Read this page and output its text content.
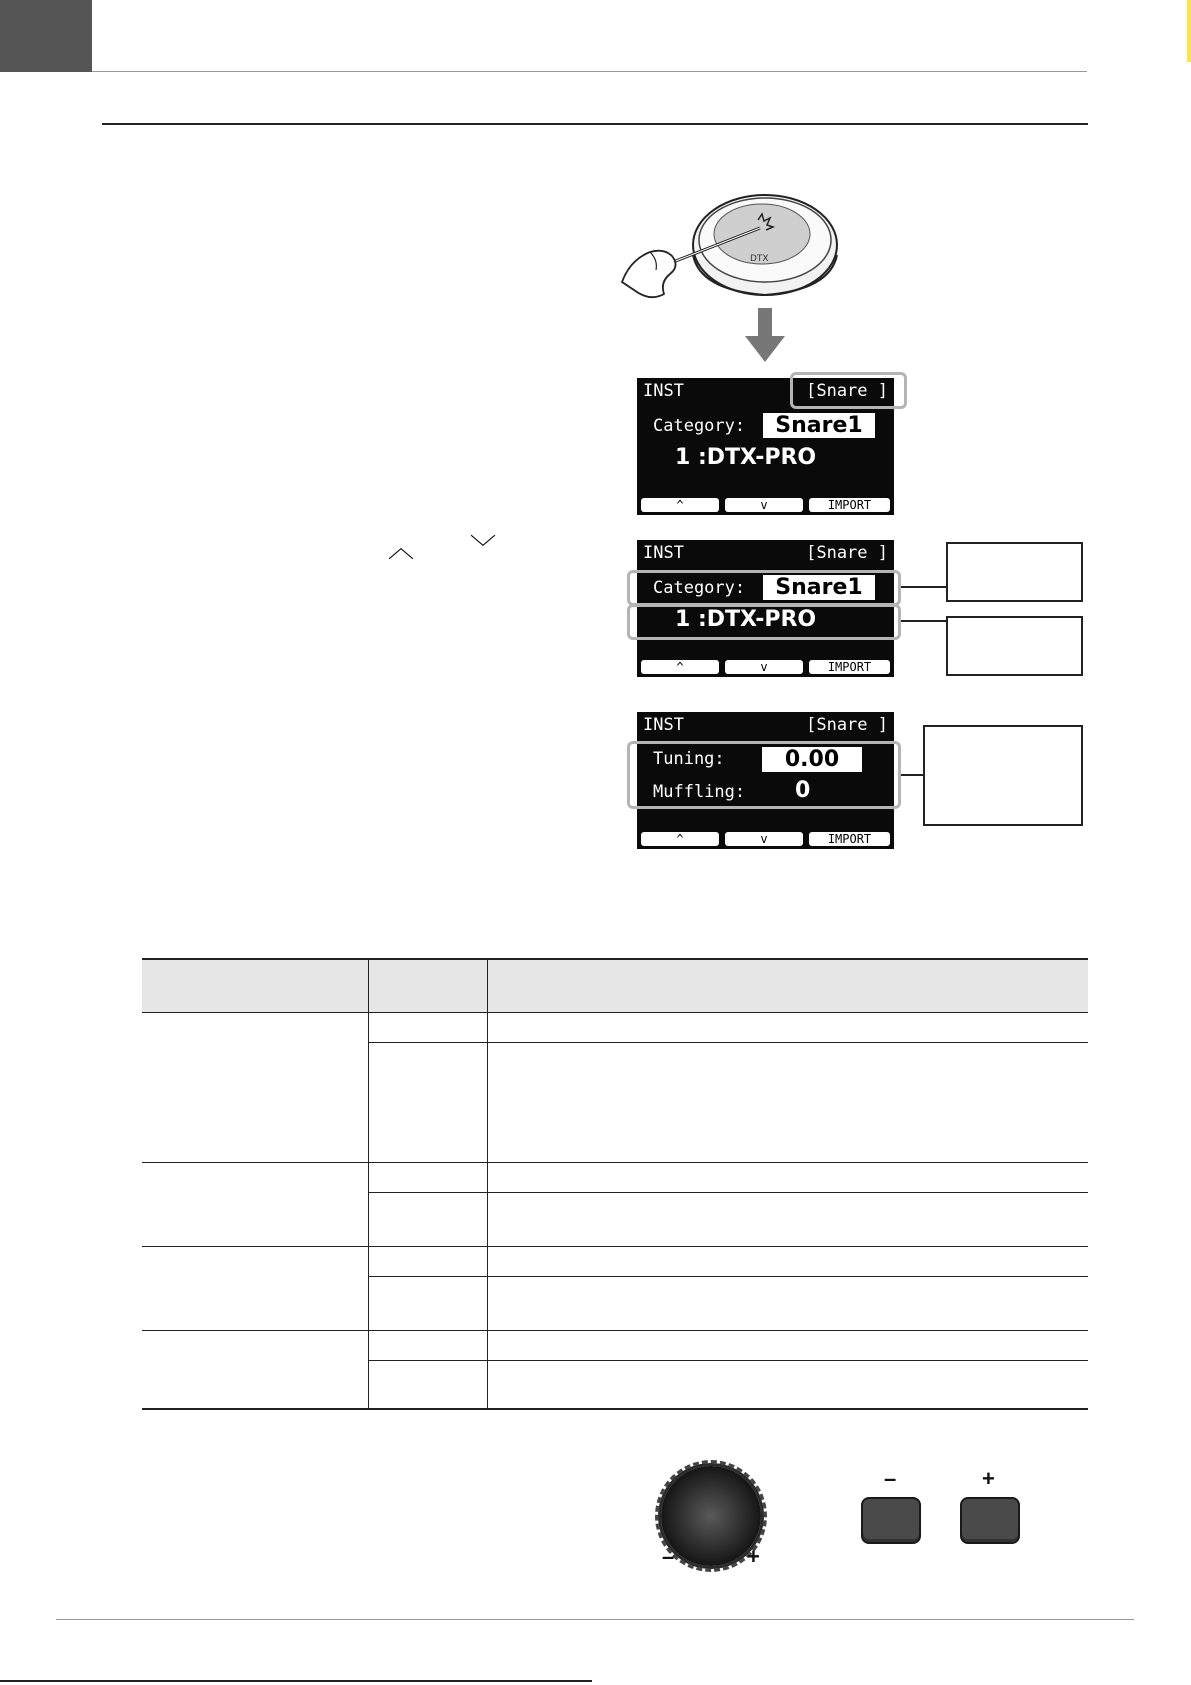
︿ ﹀
DTX
INST	[Snare ]
Category:	Snare1
1 :DTX-PRO
^	v	IMPORT
INST	[Snare ]
Category:	Snare1
1 :DTX-PRO
^	v	IMPORT
INST	[Snare ]
Tuning:	0.00
Muffling: 0
^	v	IMPORT
–	+
–	+
